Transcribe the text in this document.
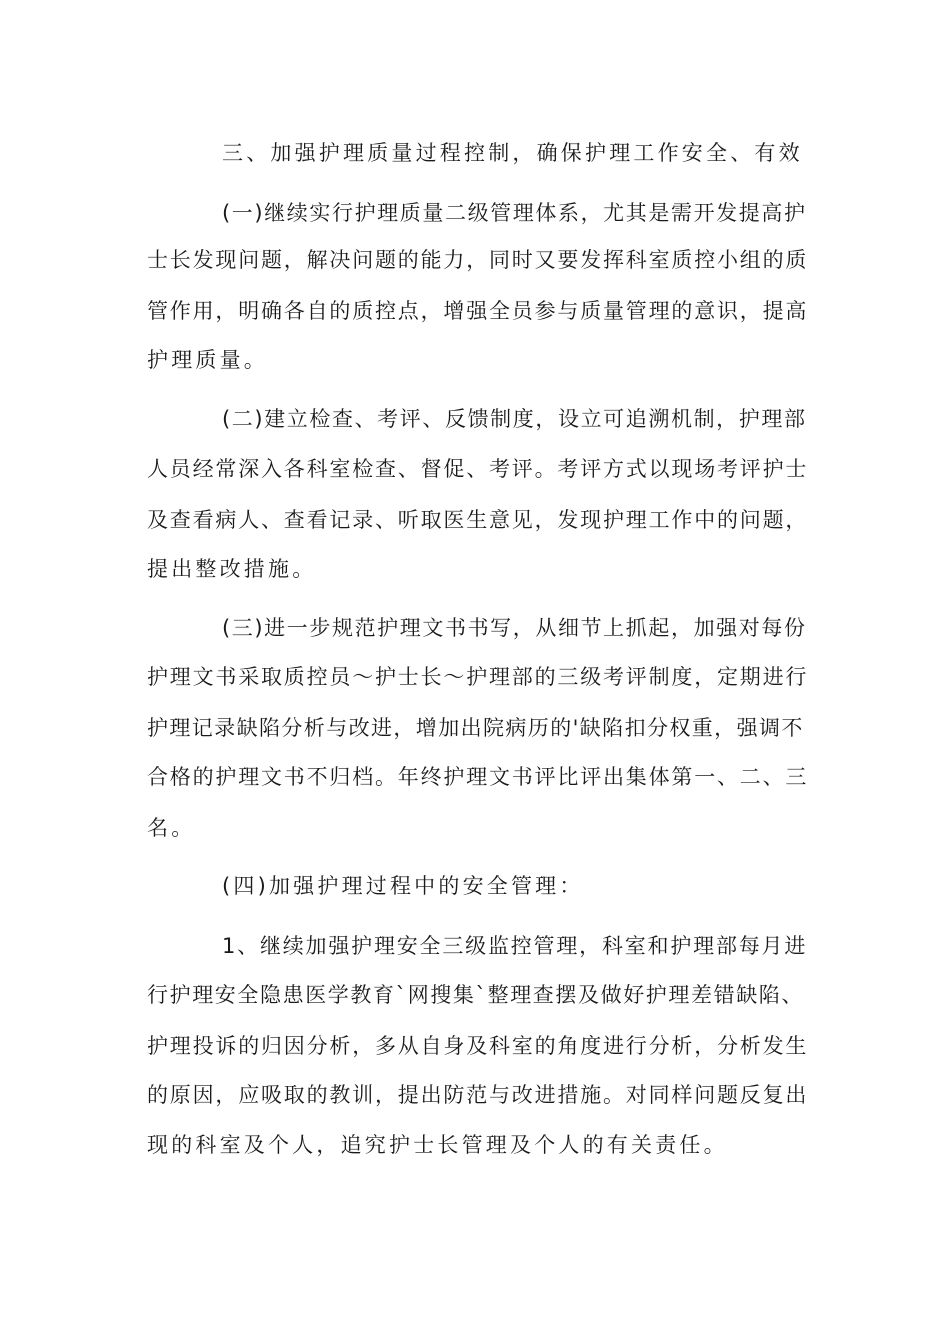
三、加强护理质量过程控制，确保护理工作安全、有效
(一)继续实行护理质量二级管理体系，尤其是需开发提高护
士长发现问题，解决问题的能力，同时又要发挥科室质控小组的质
管作用，明确各自的质控点，增强全员参与质量管理的意识，提高
护理质量。
(二)建立检查、考评、反馈制度，设立可追溯机制，护理部
人员经常深入各科室检查、督促、考评。考评方式以现场考评护士
及查看病人、查看记录、听取医生意见，发现护理工作中的问题，
提出整改措施。
(三)进一步规范护理文书书写，从细节上抓起，加强对每份
护理文书采取质控员～护士长～护理部的三级考评制度，定期进行
护理记录缺陷分析与改进，增加出院病历的'缺陷扣分权重，强调不
合格的护理文书不归档。年终护理文书评比评出集体第一、二、三
名。
(四)加强护理过程中的安全管理：
1、继续加强护理安全三级监控管理，科室和护理部每月进
行护理安全隐患医学教育`网搜集`整理查摆及做好护理差错缺陷、
护理投诉的归因分析，多从自身及科室的角度进行分析，分析发生
的原因，应吸取的教训，提出防范与改进措施。对同样问题反复出
现的科室及个人，追究护士长管理及个人的有关责任。
